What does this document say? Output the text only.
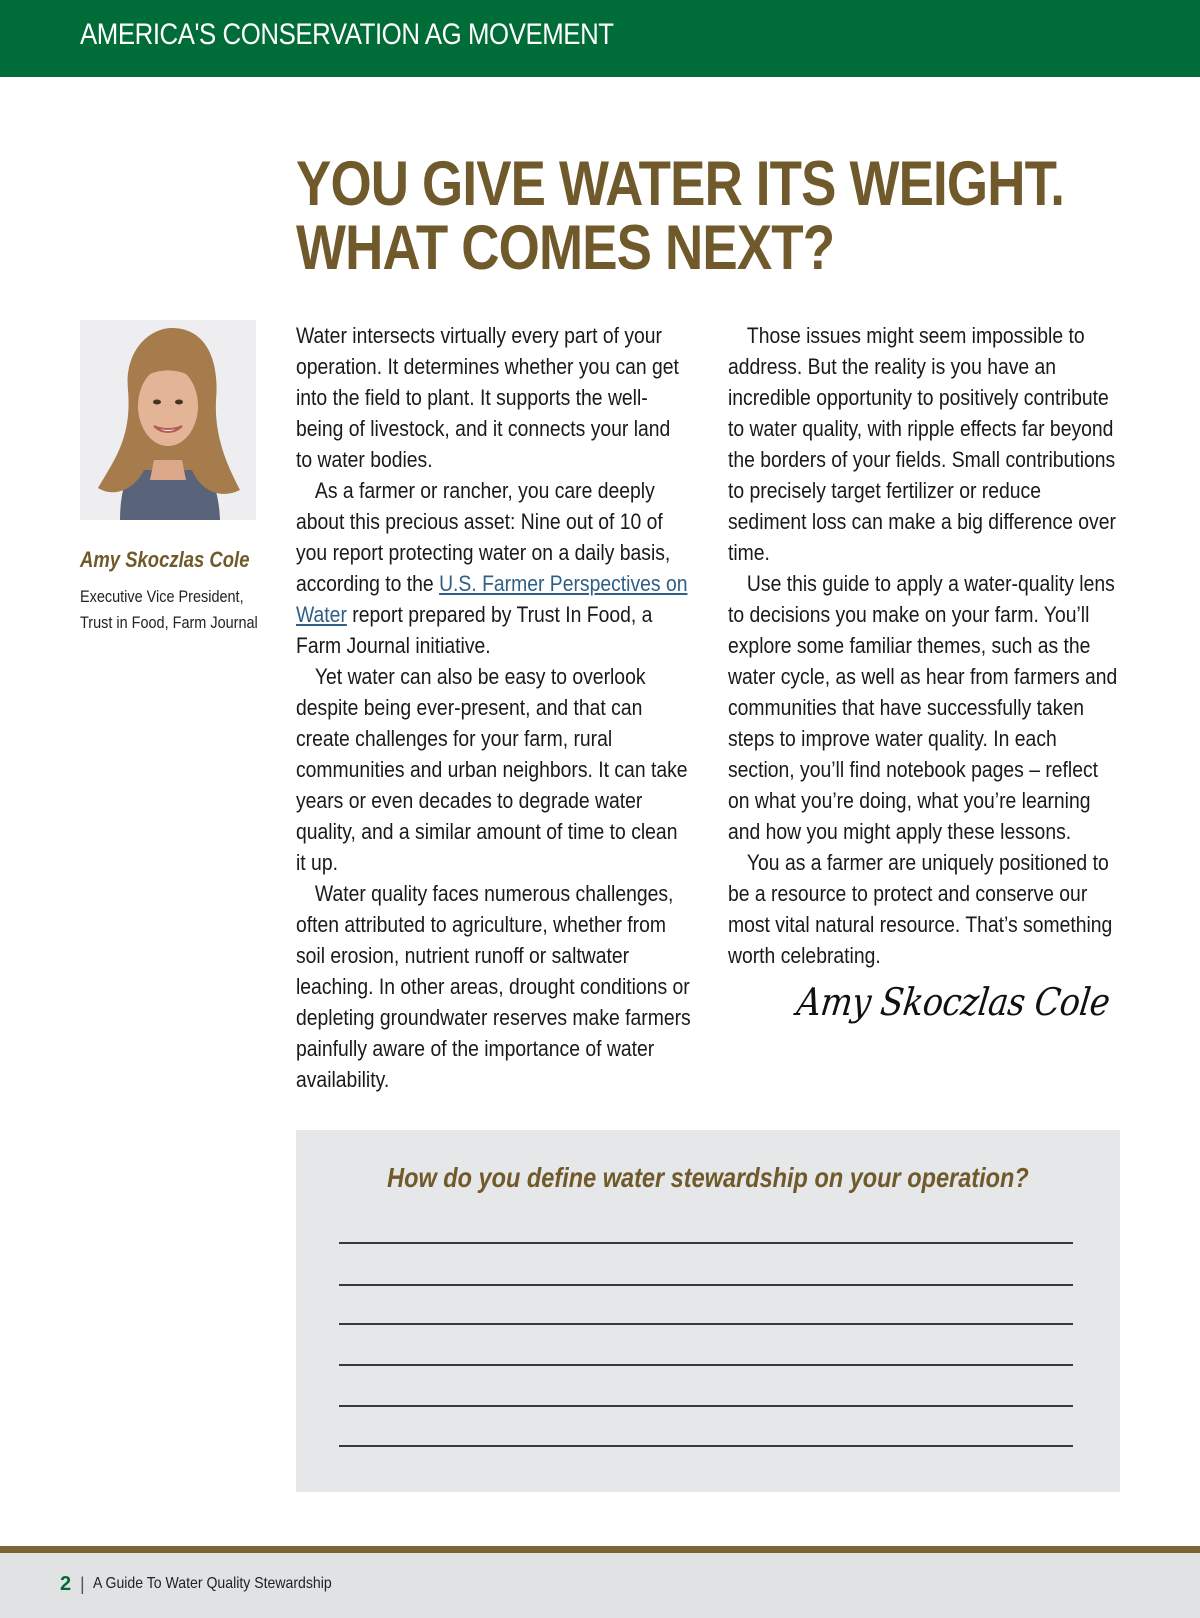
AMERICA'S CONSERVATION AG MOVEMENT
YOU GIVE WATER ITS WEIGHT.
WHAT COMES NEXT?
Amy Skoczlas Cole
Executive Vice President,
Trust in Food, Farm Journal

Water intersects virtually every part of your operation. It determines whether you can get into the field to plant. It supports the well-being of livestock, and it connects your land to water bodies.

As a farmer or rancher, you care deeply about this precious asset: Nine out of 10 of you report protecting water on a daily basis, according to the U.S. Farmer Perspectives on Water report prepared by Trust In Food, a Farm Journal initiative.

Yet water can also be easy to overlook despite being ever-present, and that can create challenges for your farm, rural communities and urban neighbors. It can take years or even decades to degrade water quality, and a similar amount of time to clean it up.

Water quality faces numerous challenges, often attributed to agriculture, whether from soil erosion, nutrient runoff or saltwater leaching. In other areas, drought conditions or depleting groundwater reserves make farmers painfully aware of the importance of water availability.

Those issues might seem impossible to address. But the reality is you have an incredible opportunity to positively contribute to water quality, with ripple effects far beyond the borders of your fields. Small contributions to precisely target fertilizer or reduce sediment loss can make a big difference over time.

Use this guide to apply a water-quality lens to decisions you make on your farm. You’ll explore some familiar themes, such as the water cycle, as well as hear from farmers and communities that have successfully taken steps to improve water quality. In each section, you’ll find notebook pages – reflect on what you’re doing, what you’re learning and how you might apply these lessons.

You as a farmer are uniquely positioned to be a resource to protect and conserve our most vital natural resource. That’s something worth celebrating.

Amy Skoczlas Cole
How do you define water stewardship on your operation?
2 | A Guide To Water Quality Stewardship
